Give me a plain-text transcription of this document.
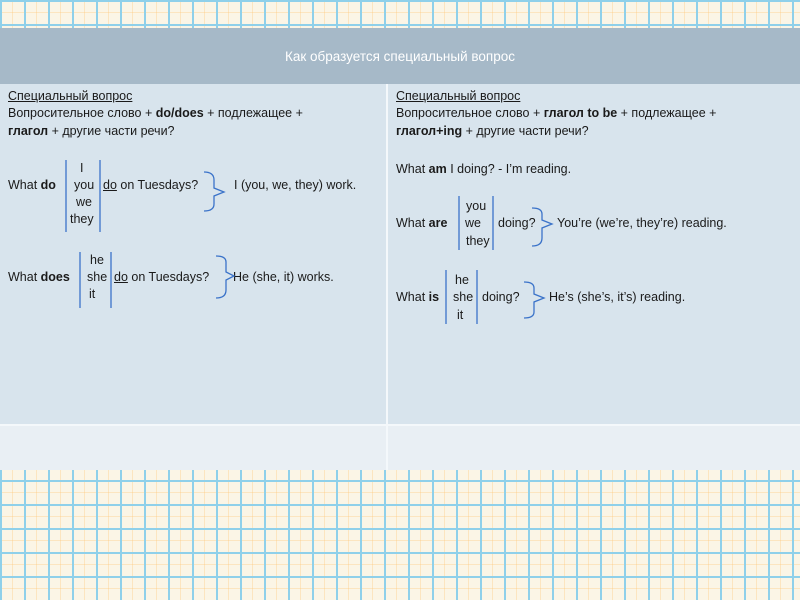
Как образуется специальный вопрос
Специальный вопрос
Вопросительное слово + do/does + подлежащее +
глагол + другие части речи?
I
What do you do on Tuesdays?	I (you, we, they) work.
we
they
he
What does she do on Tuesdays? He (she, it) works.
it
Специальный вопрос
Вопросительное слово + глагол to be + подлежащее +
глагол+ing + другие части речи?
What am I doing? - I’m reading.
you
What are we doing? You’re (we’re, they’re) reading.
they
he
What is she doing? He’s (she’s, it’s) reading.
it
